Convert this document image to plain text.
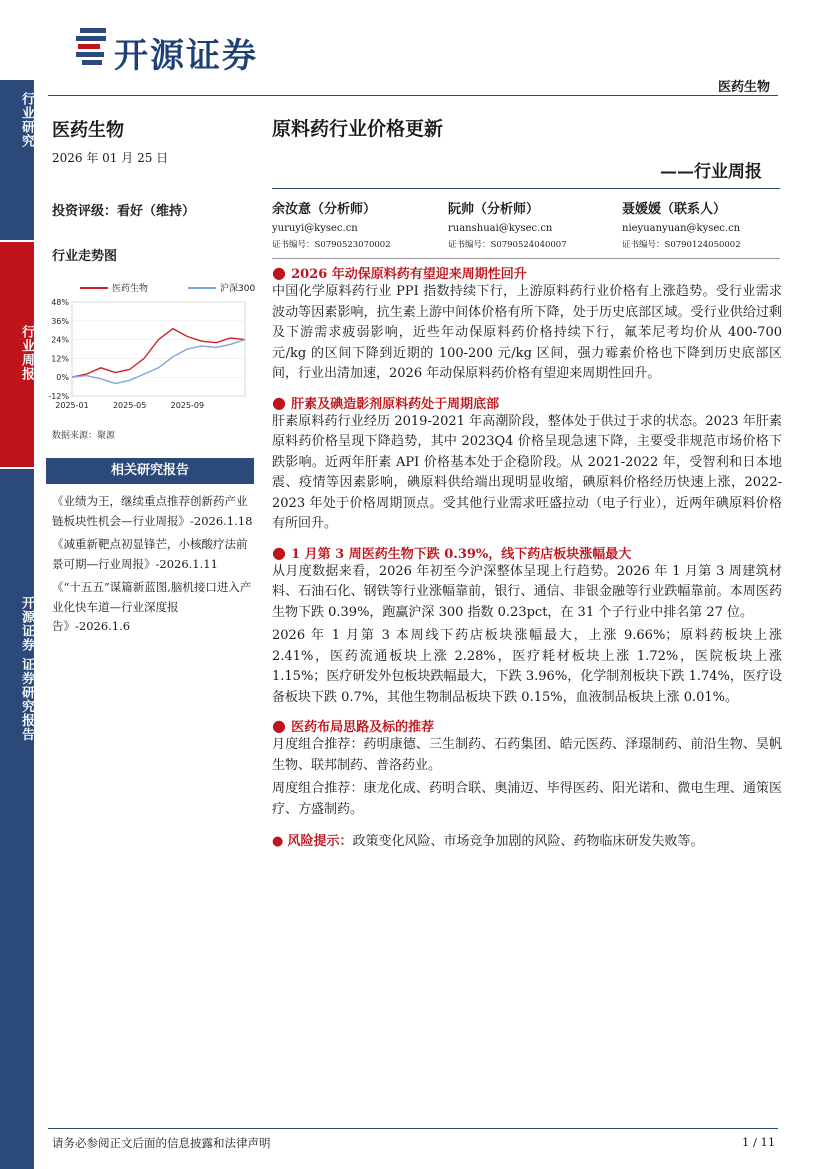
行业研究
行业周报
开源证券 证券研究报告
开源证券
医药生物
医药生物
2026 年 01 月 25 日
投资评级：看好（维持）
行业走势图
48%
36%
24%
12%
0%
-12%
2025-01	2025-05	2025-09
医药生物	沪深300
数据来源：聚源
相关研究报告
《业绩为王，继续重点推荐创新药产业链板块性机会—行业周报》-2026.1.18
《减重新靶点初显锋芒，小核酸疗法前景可期—行业周报》-2026.1.11
《“十五五”谋篇新蓝图,脑机接口进入产业化快车道—行业深度报告》-2026.1.6
原料药行业价格更新
——行业周报
余汝意（分析师）
yuruyi@kysec.cn
证书编号：S0790523070002
阮帅（分析师）
ruanshuai@kysec.cn
证书编号：S0790524040007
聂媛媛（联系人）
nieyuanyuan@kysec.cn
证书编号：S0790124050002
● 2026 年动保原料药有望迎来周期性回升
中国化学原料药行业 PPI 指数持续下行，上游原料药行业价格有上涨趋势。受行业需求波动等因素影响，抗生素上游中间体价格有所下降，处于历史底部区域。受行业供给过剩及下游需求疲弱影响，近些年动保原料药价格持续下行，氟苯尼考均价从 400-700 元/kg 的区间下降到近期的 100-200 元/kg 区间，强力霉素价格也下降到历史底部区间，行业出清加速，2026 年动保原料药价格有望迎来周期性回升。
● 肝素及碘造影剂原料药处于周期底部
肝素原料药行业经历 2019-2021 年高潮阶段，整体处于供过于求的状态。2023 年肝素原料药价格呈现下降趋势，其中 2023Q4 价格呈现急速下降，主要受非规范市场价格下跌影响。近两年肝素 API 价格基本处于企稳阶段。从 2021-2022 年，受智利和日本地震、疫情等因素影响，碘原料供给端出现明显收缩，碘原料价格经历快速上涨，2022-2023 年处于价格周期顶点。受其他行业需求旺盛拉动（电子行业），近两年碘原料价格有所回升。
● 1 月第 3 周医药生物下跌 0.39%，线下药店板块涨幅最大
从月度数据来看，2026 年初至今沪深整体呈现上行趋势。2026 年 1 月第 3 周建筑材料、石油石化、钢铁等行业涨幅靠前，银行、通信、非银金融等行业跌幅靠前。本周医药生物下跌 0.39%，跑赢沪深 300 指数 0.23pct，在 31 个子行业中排名第 27 位。
2026 年 1 月第 3 本周线下药店板块涨幅最大，上涨 9.66%；原料药板块上涨 2.41%，医药流通板块上涨 2.28%，医疗耗材板块上涨 1.72%，医院板块上涨 1.15%；医疗研发外包板块跌幅最大，下跌 3.96%，化学制剂板块下跌 1.74%，医疗设备板块下跌 0.7%，其他生物制品板块下跌 0.15%，血液制品板块上涨 0.01%。
● 医药布局思路及标的推荐
月度组合推荐：药明康德、三生制药、石药集团、皓元医药、泽璟制药、前沿生物、昊帆生物、联邦制药、普洛药业。
周度组合推荐：康龙化成、药明合联、奥浦迈、毕得医药、阳光诺和、微电生理、通策医疗、方盛制药。
● 风险提示：政策变化风险、市场竞争加剧的风险、药物临床研发失败等。
请务必参阅正文后面的信息披露和法律声明	1 / 11
